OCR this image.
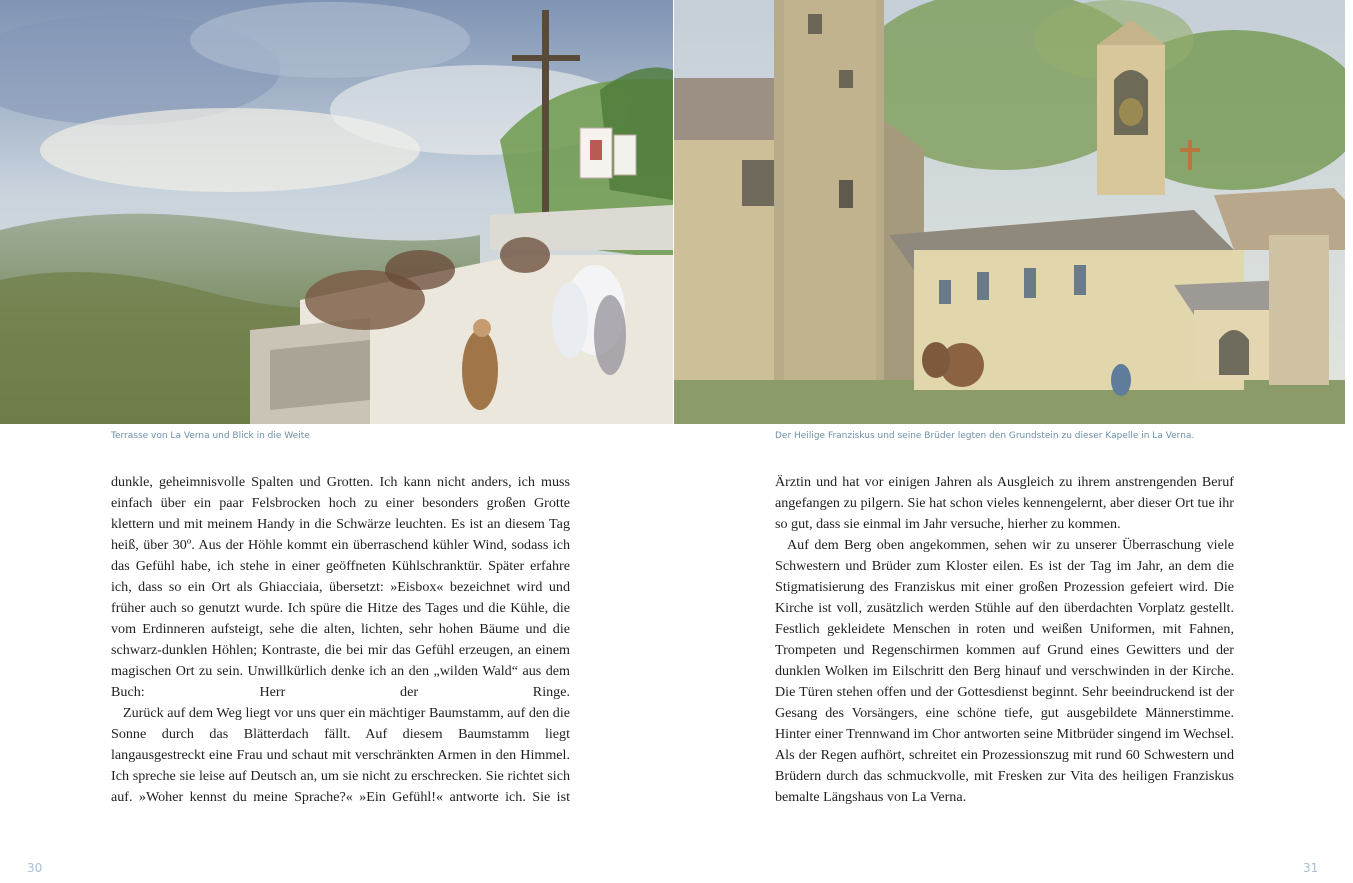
Terrasse von La Verna und Blick in die Weite	Der Heilige Franziskus und seine Brüder legten den Grundstein zu dieser Kapelle in La Verna.

dunkle, geheimnisvolle Spalten und Grotten. Ich kann nicht anders, ich muss einfach über ein paar Felsbrocken hoch zu einer besonders großen Grotte klettern und mit meinem Handy in die Schwärze leuchten. Es ist an diesem Tag heiß, über 30º. Aus der Höhle kommt ein überraschend kühler Wind, sodass ich das Gefühl habe, ich stehe in einer geöffneten Kühlschranktür. Später erfahre ich, dass so ein Ort als Ghiacciaia, übersetzt: »Eisbox« bezeichnet wird und früher auch so genutzt wurde. Ich spüre die Hitze des Tages und die Kühle, die vom Erdinneren aufsteigt, sehe die alten, lichten, sehr hohen Bäume und die schwarz-dunklen Höhlen; Kontraste, die bei mir das Gefühl erzeugen, an einem magischen Ort zu sein. Unwillkürlich denke ich an den „wilden Wald“ aus dem Buch: Herr der Ringe.

Zurück auf dem Weg liegt vor uns quer ein mächtiger Baumstamm, auf den die Sonne durch das Blätterdach fällt. Auf diesem Baumstamm liegt langausgestreckt eine Frau und schaut mit verschränkten Armen in den Himmel. Ich spreche sie leise auf Deutsch an, um sie nicht zu erschrecken. Sie richtet sich auf. »Woher kennst du meine Sprache?« »Ein Gefühl!« antworte ich. Sie ist

Ärztin und hat vor einigen Jahren als Ausgleich zu ihrem anstrengenden Beruf angefangen zu pilgern. Sie hat schon vieles kennengelernt, aber dieser Ort tue ihr so gut, dass sie einmal im Jahr versuche, hierher zu kommen.

Auf dem Berg oben angekommen, sehen wir zu unserer Überraschung viele Schwestern und Brüder zum Kloster eilen. Es ist der Tag im Jahr, an dem die Stigmatisierung des Franziskus mit einer großen Prozession gefeiert wird. Die Kirche ist voll, zusätzlich werden Stühle auf den überdachten Vorplatz gestellt. Festlich gekleidete Menschen in roten und weißen Uniformen, mit Fahnen, Trompeten und Regenschirmen kommen auf Grund eines Gewitters und der dunklen Wolken im Eilschritt den Berg hinauf und verschwinden in der Kirche. Die Türen stehen offen und der Gottesdienst beginnt. Sehr beeindruckend ist der Gesang des Vorsängers, eine schöne tiefe, gut ausgebildete Männerstimme. Hinter einer Trennwand im Chor antworten seine Mitbrüder singend im Wechsel. Als der Regen aufhört, schreitet ein Prozessionszug mit rund 60 Schwestern und Brüdern durch das schmuckvolle, mit Fresken zur Vita des heiligen Franziskus bemalte Längshaus von La Verna.

30	31
